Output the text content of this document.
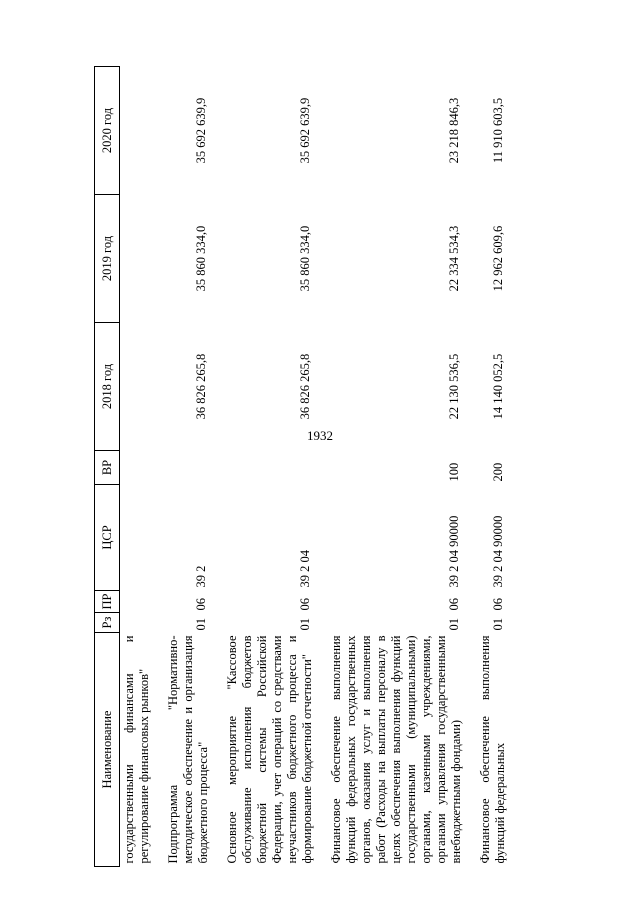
1932
Наименование	Рз	ПР	ЦСР	ВР	2018 год	2019 год	2020 год
государственными финансами и регулирование финансовых рынков"							

Подпрограмма "Нормативно-методическое обеспечение и организация бюджетного процесса"	01	06	39 2		36 826 265,8	35 860 334,0	35 692 639,9

Основное мероприятие "Кассовое обслуживание исполнения бюджетов бюджетной системы Российской Федерации, учет операций со средствами неучастников бюджетного процесса и формирование бюджетной отчетности"	01	06	39 2 04		36 826 265,8	35 860 334,0	35 692 639,9

Финансовое обеспечение выполнения функций федеральных государственных органов, оказания услуг и выполнения работ (Расходы на выплаты персоналу в целях обеспечения выполнения функций государственными (муниципальными) органами, казенными учреждениями, органами управления государственными внебюджетными фондами)	01	06	39 2 04 90000	100	22 130 536,5	22 334 534,3	23 218 846,3

Финансовое обеспечение выполнения функций федеральных	01	06	39 2 04 90000	200	14 140 052,5	12 962 609,6	11 910 603,5
